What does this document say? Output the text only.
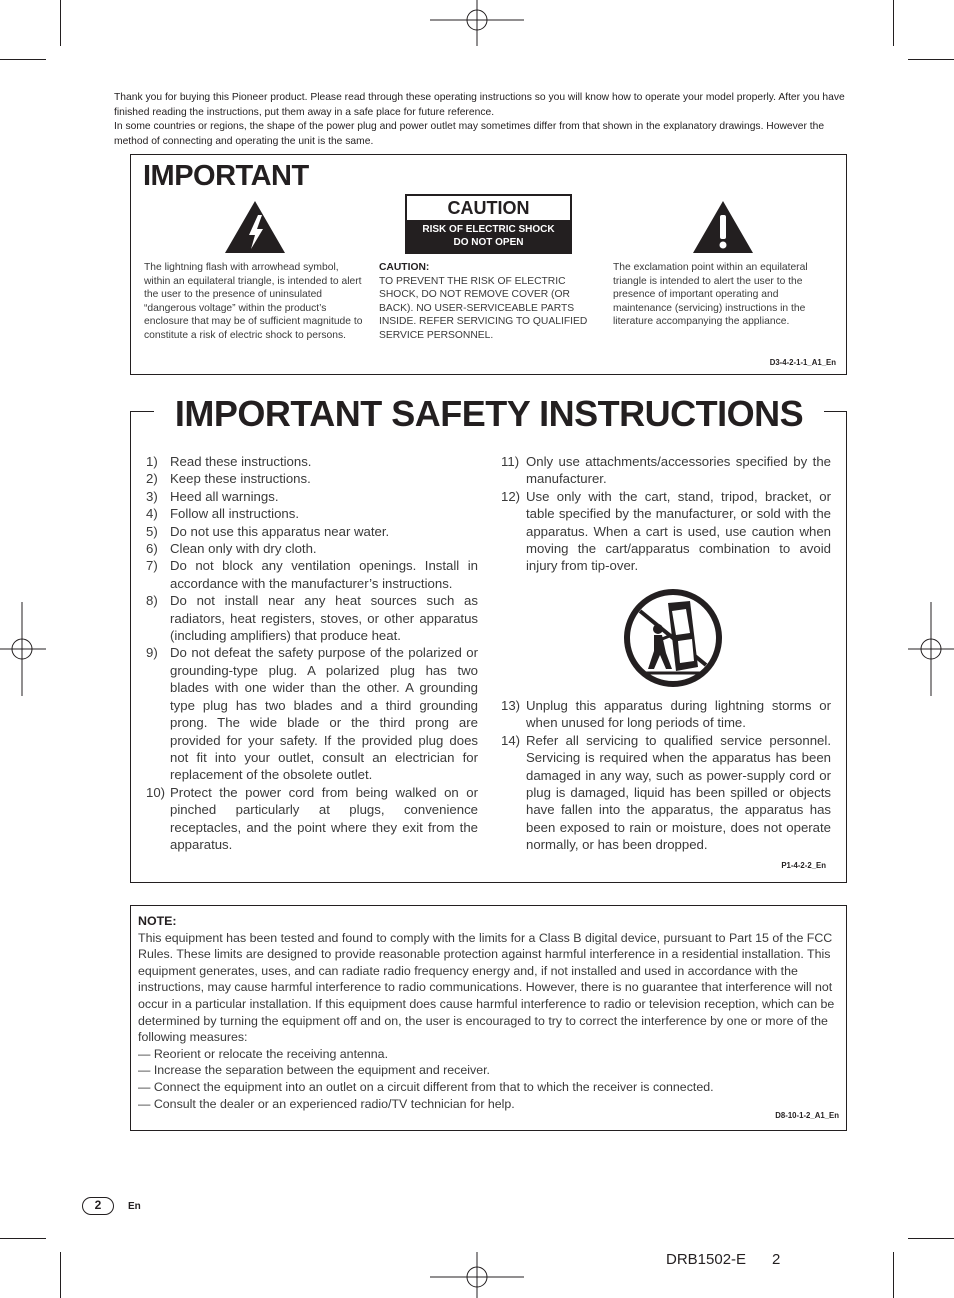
Thank you for buying this Pioneer product. Please read through these operating instructions so you will know how to operate your model properly. After you have finished reading the instructions, put them away in a safe place for future reference.

In some countries or regions, the shape of the power plug and power outlet may sometimes differ from that shown in the explanatory drawings. However the method of connecting and operating the unit is the same.

IMPORTANT
CAUTION
RISK OF ELECTRIC SHOCK
DO NOT OPEN
The lightning flash with arrowhead symbol, within an equilateral triangle, is intended to alert the user to the presence of uninsulated “dangerous voltage” within the product’s enclosure that may be of sufficient magnitude to constitute a risk of electric shock to persons.
CAUTION:
TO PREVENT THE RISK OF ELECTRIC SHOCK, DO NOT REMOVE COVER (OR BACK). NO USER-SERVICEABLE PARTS INSIDE. REFER SERVICING TO QUALIFIED SERVICE PERSONNEL.
The exclamation point within an equilateral triangle is intended to alert the user to the presence of important operating and maintenance (servicing) instructions in the literature accompanying the appliance.
D3-4-2-1-1_A1_En
1) Read these instructions.
2) Keep these instructions.
3) Heed all warnings.
4) Follow all instructions.
5) Do not use this apparatus near water.
6) Clean only with dry cloth.
7) Do not block any ventilation openings. Install in accordance with the manufacturer’s instructions.
8) Do not install near any heat sources such as radiators, heat registers, stoves, or other apparatus (including amplifiers) that produce heat.
9) Do not defeat the safety purpose of the polarized or grounding-type plug. A polarized plug has two blades with one wider than the other. A grounding type plug has two blades and a third grounding prong. The wide blade or the third prong are provided for your safety. If the provided plug does not fit into your outlet, consult an electrician for replacement of the obsolete outlet.
10) Protect the power cord from being walked on or pinched particularly at plugs, convenience receptacles, and the point where they exit from the apparatus.
11) Only use attachments/accessories specified by the manufacturer.
12) Use only with the cart, stand, tripod, bracket, or table specified by the manufacturer, or sold with the apparatus. When a cart is used, use caution when moving the cart/apparatus combination to avoid injury from tip-over.
13) Unplug this apparatus during lightning storms or when unused for long periods of time.
14) Refer all servicing to qualified service personnel. Servicing is required when the apparatus has been damaged in any way, such as power-supply cord or plug is damaged, liquid has been spilled or objects have fallen into the apparatus, the apparatus has been exposed to rain or moisture, does not operate normally, or has been dropped.
P1-4-2-2_En
IMPORTANT SAFETY INSTRUCTIONS
NOTE:
This equipment has been tested and found to comply with the limits for a Class B digital device, pursuant to Part 15 of the FCC Rules. These limits are designed to provide reasonable protection against harmful interference in a residential installation. This equipment generates, uses, and can radiate radio frequency energy and, if not installed and used in accordance with the instructions, may cause harmful interference to radio communications. However, there is no guarantee that interference will not occur in a particular installation. If this equipment does cause harmful interference to radio or television reception, which can be determined by turning the equipment off and on, the user is encouraged to try to correct the interference by one or more of the following measures:
— Reorient or relocate the receiving antenna.
— Increase the separation between the equipment and receiver.
— Connect the equipment into an outlet on a circuit different from that to which the receiver is connected.
— Consult the dealer or an experienced radio/TV technician for help.
D8-10-1-2_A1_En
2	En
DRB1502-E 2
